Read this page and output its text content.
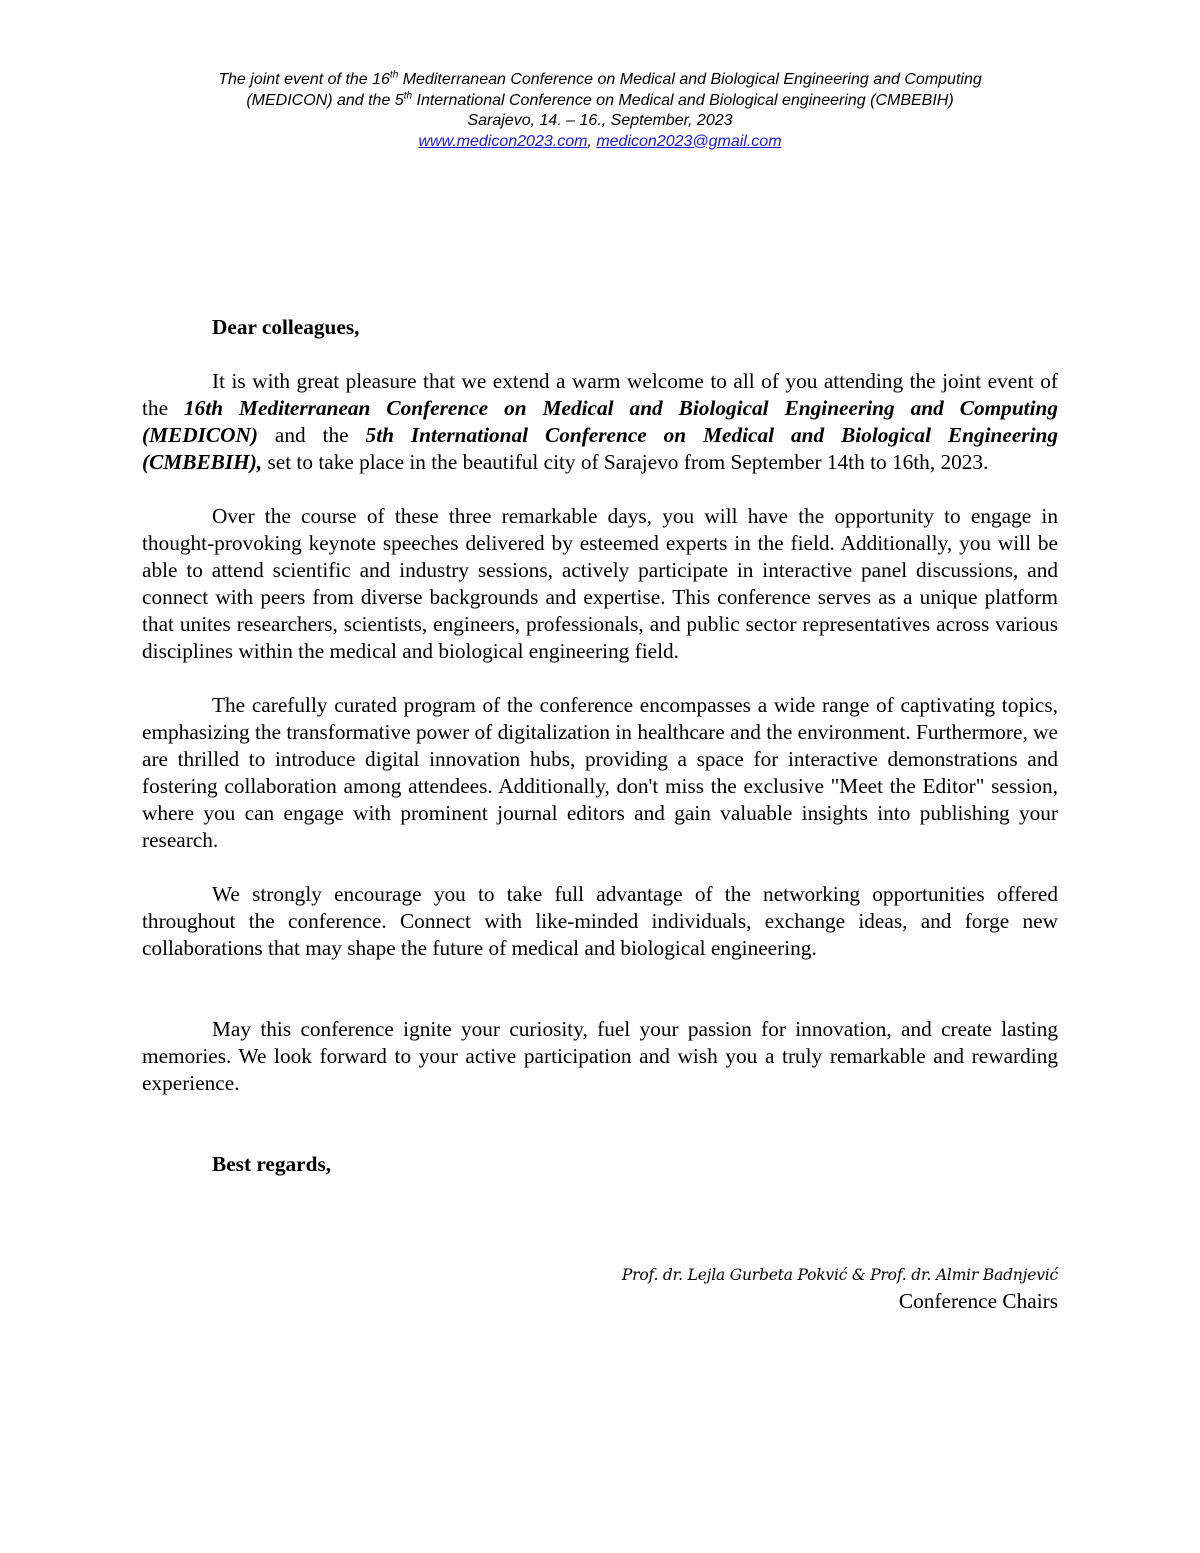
The joint event of the 16th Mediterranean Conference on Medical and Biological Engineering and Computing
(MEDICON) and the 5th International Conference on Medical and Biological engineering (CMBEBIH)
Sarajevo, 14. – 16., September, 2023
www.medicon2023.com, medicon2023@gmail.com

Dear colleagues,

It is with great pleasure that we extend a warm welcome to all of you attending the joint event of the 16th Mediterranean Conference on Medical and Biological Engineering and Computing (MEDICON) and the 5th International Conference on Medical and Biological Engineering (CMBEBIH), set to take place in the beautiful city of Sarajevo from September 14th to 16th, 2023.

Over the course of these three remarkable days, you will have the opportunity to engage in thought-provoking keynote speeches delivered by esteemed experts in the field. Additionally, you will be able to attend scientific and industry sessions, actively participate in interactive panel discussions, and connect with peers from diverse backgrounds and expertise. This conference serves as a unique platform that unites researchers, scientists, engineers, professionals, and public sector representatives across various disciplines within the medical and biological engineering field.

The carefully curated program of the conference encompasses a wide range of captivating topics, emphasizing the transformative power of digitalization in healthcare and the environment. Furthermore, we are thrilled to introduce digital innovation hubs, providing a space for interactive demonstrations and fostering collaboration among attendees. Additionally, don't miss the exclusive "Meet the Editor" session, where you can engage with prominent journal editors and gain valuable insights into publishing your research.

We strongly encourage you to take full advantage of the networking opportunities offered throughout the conference. Connect with like-minded individuals, exchange ideas, and forge new collaborations that may shape the future of medical and biological engineering.

May this conference ignite your curiosity, fuel your passion for innovation, and create lasting memories. We look forward to your active participation and wish you a truly remarkable and rewarding experience.

Best regards,

Prof. dr. Lejla Gurbeta Pokvić & Prof. dr. Almir Badnjević
Conference Chairs
